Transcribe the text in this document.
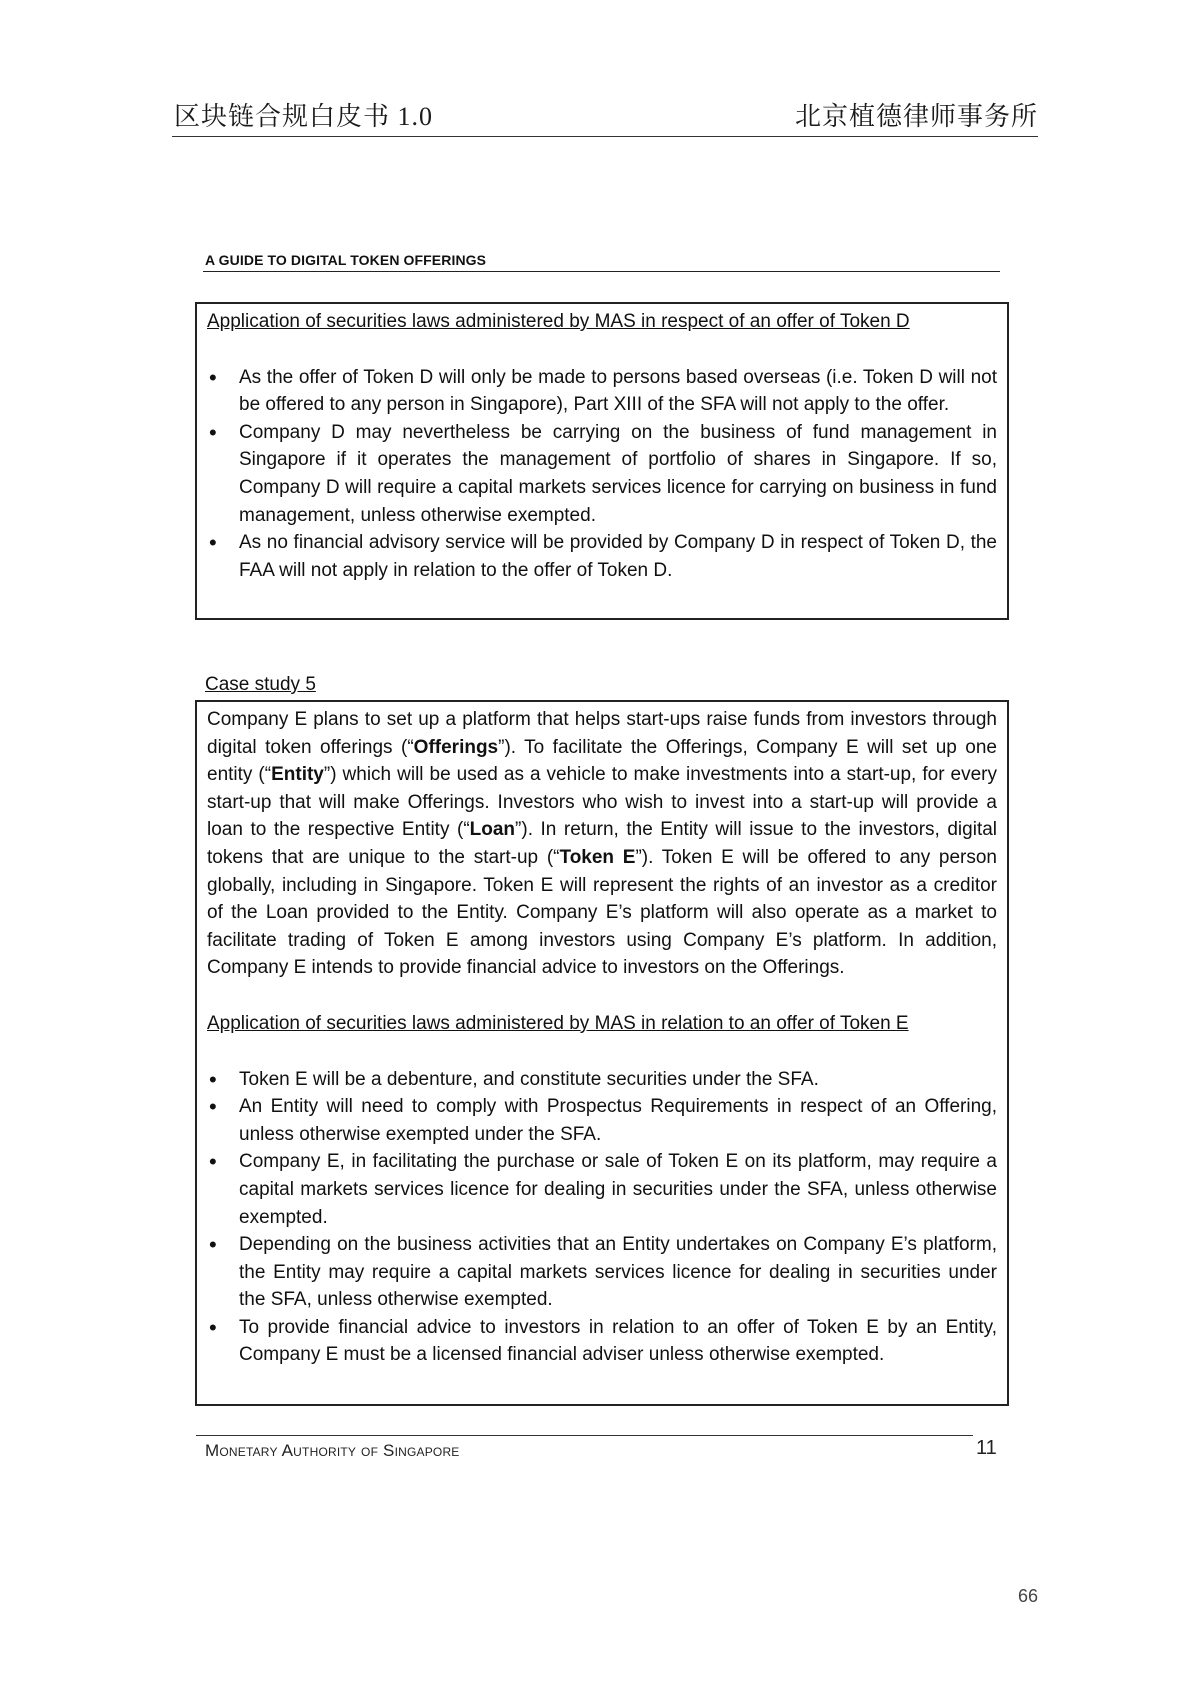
区块链合规白皮书 1.0	北京植德律师事务所
A GUIDE TO DIGITAL TOKEN OFFERINGS

Application of securities laws administered by MAS in respect of an offer of Token D

• As the offer of Token D will only be made to persons based overseas (i.e. Token D will not be offered to any person in Singapore), Part XIII of the SFA will not apply to the offer.
• Company D may nevertheless be carrying on the business of fund management in Singapore if it operates the management of portfolio of shares in Singapore. If so, Company D will require a capital markets services licence for carrying on business in fund management, unless otherwise exempted.
• As no financial advisory service will be provided by Company D in respect of Token D, the FAA will not apply in relation to the offer of Token D.
Case study 5

Company E plans to set up a platform that helps start-ups raise funds from investors through digital token offerings (“Offerings”). To facilitate the Offerings, Company E will set up one entity (“Entity”) which will be used as a vehicle to make investments into a start-up, for every start-up that will make Offerings. Investors who wish to invest into a start-up will provide a loan to the respective Entity (“Loan”). In return, the Entity will issue to the investors, digital tokens that are unique to the start-up (“Token E”). Token E will be offered to any person globally, including in Singapore. Token E will represent the rights of an investor as a creditor of the Loan provided to the Entity. Company E’s platform will also operate as a market to facilitate trading of Token E among investors using Company E’s platform. In addition, Company E intends to provide financial advice to investors on the Offerings.

Application of securities laws administered by MAS in relation to an offer of Token E

• Token E will be a debenture, and constitute securities under the SFA.
• An Entity will need to comply with Prospectus Requirements in respect of an Offering, unless otherwise exempted under the SFA.
• Company E, in facilitating the purchase or sale of Token E on its platform, may require a capital markets services licence for dealing in securities under the SFA, unless otherwise exempted.
• Depending on the business activities that an Entity undertakes on Company E’s platform, the Entity may require a capital markets services licence for dealing in securities under the SFA, unless otherwise exempted.
• To provide financial advice to investors in relation to an offer of Token E by an Entity, Company E must be a licensed financial adviser unless otherwise exempted.
Monetary Authority of Singapore	11
66
